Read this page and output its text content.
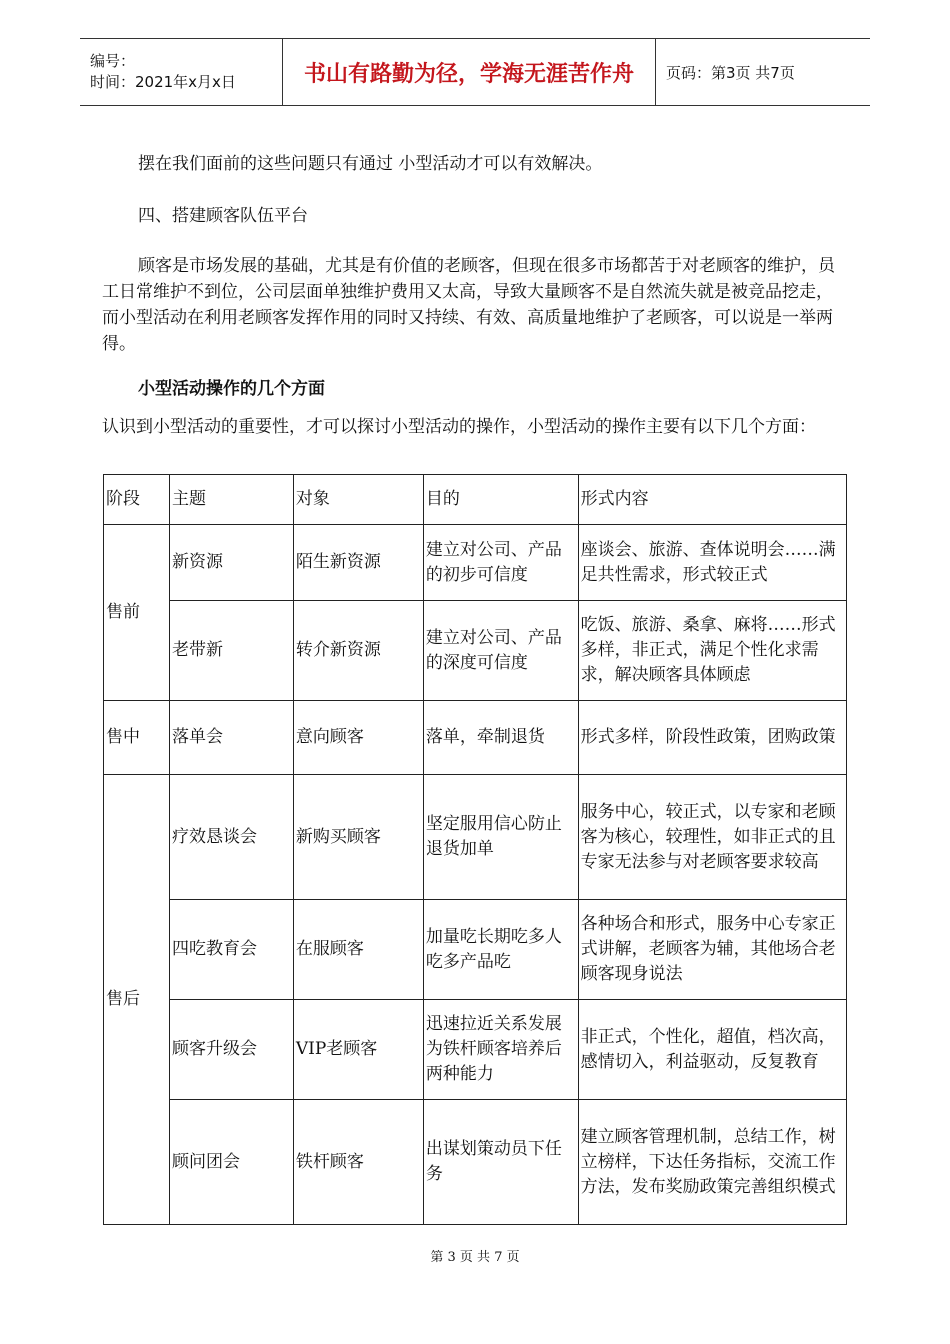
编号：
时间：2021年x月x日	书山有路勤为径，学海无涯苦作舟	页码：第3页 共7页

摆在我们面前的这些问题只有通过 小型活动才可以有效解决。

四、搭建顾客队伍平台

顾客是市场发展的基础，尤其是有价值的老顾客，但现在很多市场都苦于对老顾客的维护，员工日常维护不到位，公司层面单独维护费用又太高，导致大量顾客不是自然流失就是被竞品挖走，而小型活动在利用老顾客发挥作用的同时又持续、有效、高质量地维护了老顾客，可以说是一举两得。

小型活动操作的几个方面

认识到小型活动的重要性，才可以探讨小型活动的操作，小型活动的操作主要有以下几个方面：

阶段	主题	对象	目的	形式内容
售前	新资源	陌生新资源	建立对公司、产品的初步可信度	座谈会、旅游、查体说明会……满足共性需求，形式较正式
	老带新	转介新资源	建立对公司、产品的深度可信度	吃饭、旅游、桑拿、麻将……形式多样，非正式，满足个性化求需求，解决顾客具体顾虑
售中	落单会	意向顾客	落单，牵制退货	形式多样，阶段性政策，团购政策
售后	疗效恳谈会	新购买顾客	坚定服用信心防止退货加单	服务中心，较正式，以专家和老顾客为核心，较理性，如非正式的且专家无法参与对老顾客要求较高
	四吃教育会	在服顾客	加量吃长期吃多人吃多产品吃	各种场合和形式，服务中心专家正式讲解，老顾客为辅，其他场合老顾客现身说法
	顾客升级会	VIP老顾客	迅速拉近关系发展为铁杆顾客培养后两种能力	非正式，个性化，超值，档次高，感情切入，利益驱动，反复教育
	顾问团会	铁杆顾客	出谋划策动员下任务	建立顾客管理机制，总结工作，树立榜样，下达任务指标，交流工作方法，发布奖励政策完善组织模式
第 3 页 共 7 页
